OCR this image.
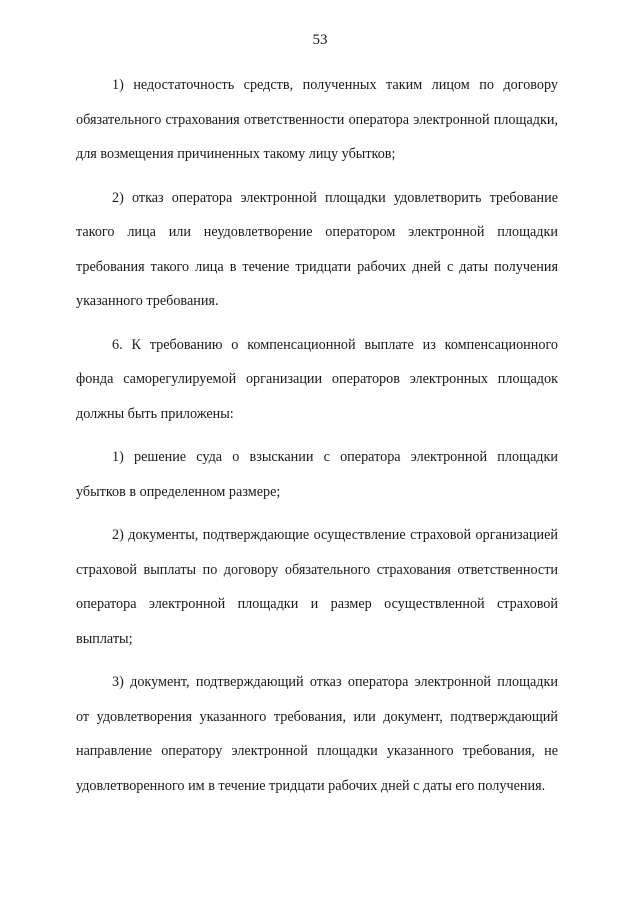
53

1) недостаточность средств, полученных таким лицом по договору обязательного страхования ответственности оператора электронной площадки, для возмещения причиненных такому лицу убытков;

2) отказ оператора электронной площадки удовлетворить требование такого лица или неудовлетворение оператором электронной площадки требования такого лица в течение тридцати рабочих дней с даты получения указанного требования.

6. К требованию о компенсационной выплате из компенсационного фонда саморегулируемой организации операторов электронных площадок должны быть приложены:

1) решение суда о взыскании с оператора электронной площадки убытков в определенном размере;

2) документы, подтверждающие осуществление страховой организацией страховой выплаты по договору обязательного страхования ответственности оператора электронной площадки и размер осуществленной страховой выплаты;

3) документ, подтверждающий отказ оператора электронной площадки от удовлетворения указанного требования, или документ, подтверждающий направление оператору электронной площадки указанного требования, не удовлетворенного им в течение тридцати рабочих дней с даты его получения.
